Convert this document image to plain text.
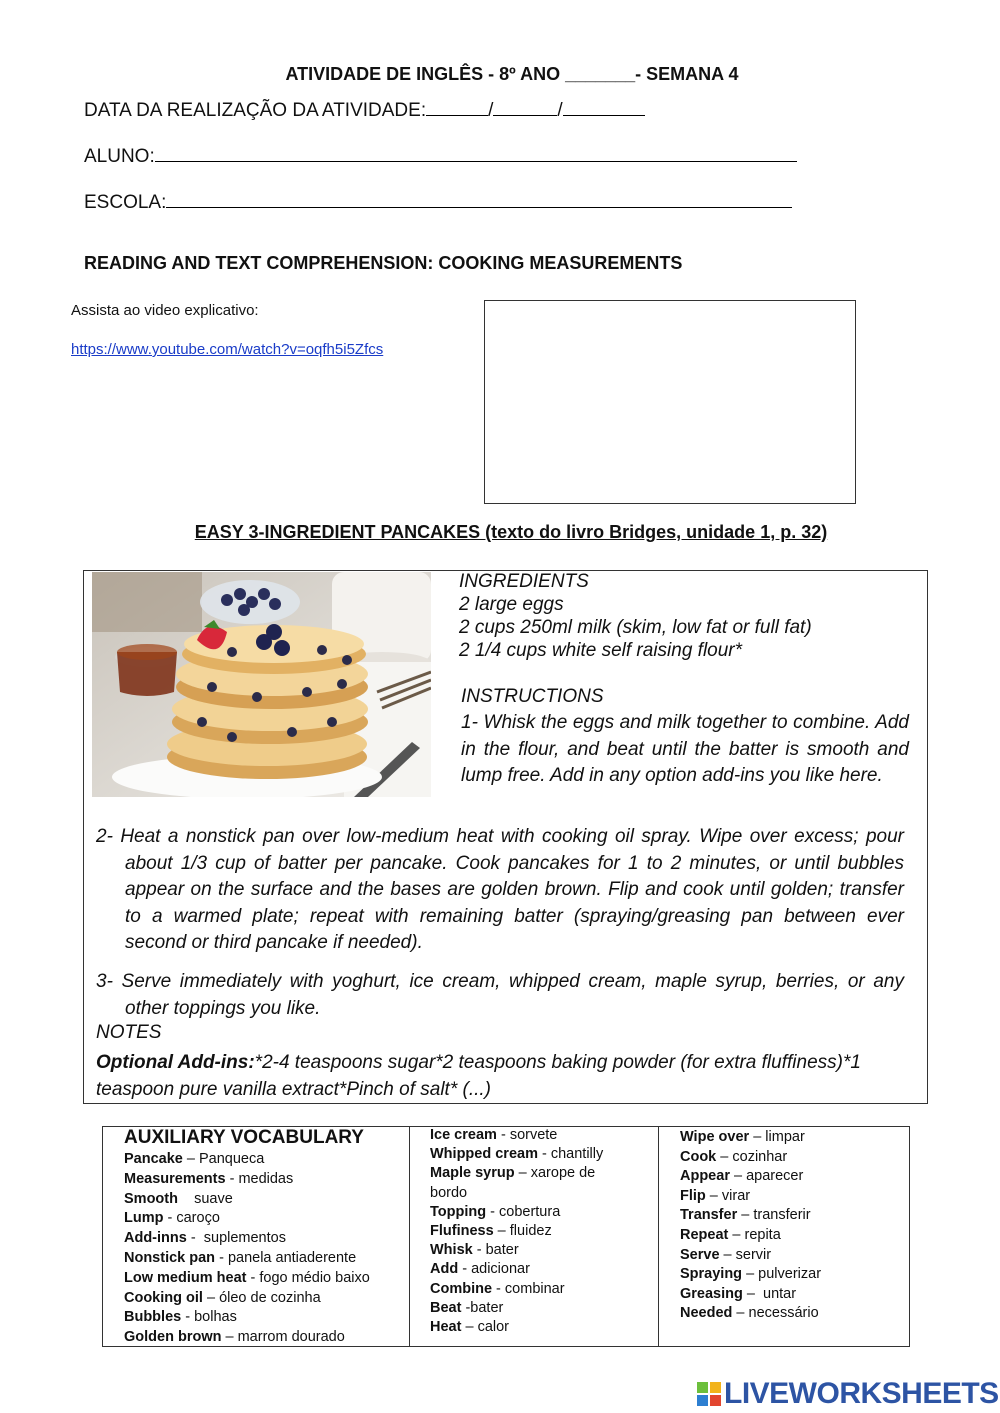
ATIVIDADE DE INGLÊS - 8º ANO _______- SEMANA 4
DATA DA REALIZAÇÃO DA ATIVIDADE:	/	/
ALUNO:
ESCOLA:
READING AND TEXT COMPREHENSION: COOKING MEASUREMENTS
Assista ao video explicativo:
https://www.youtube.com/watch?v=oqfh5i5Zfcs
EASY 3-INGREDIENT PANCAKES (texto do livro Bridges, unidade 1, p. 32)
INGREDIENTS
2 large eggs
2 cups 250ml milk (skim, low fat or full fat)
2 1/4 cups white self raising flour*
INSTRUCTIONS
1- Whisk the eggs and milk together to combine. Add in the flour, and beat until the batter is smooth and lump free. Add in any option add-ins you like here.
2- Heat a nonstick pan over low-medium heat with cooking oil spray. Wipe over excess; pour about 1/3 cup of batter per pancake. Cook pancakes for 1 to 2 minutes, or until bubbles appear on the surface and the bases are golden brown. Flip and cook until golden; transfer to a warmed plate; repeat with remaining batter (spraying/greasing pan between ever second or third pancake if needed).
3- Serve immediately with yoghurt, ice cream, whipped cream, maple syrup, berries, or any other toppings you like.
NOTES
Optional Add-ins:*2-4 teaspoons sugar*2 teaspoons baking powder (for extra fluffiness)*1 teaspoon pure vanilla extract*Pinch of salt* (...)
AUXILIARY VOCABULARY
Pancake – Panqueca
Measurements - medidas
Smooth suave
Lump - caroço
Add-inns -  suplementos
Nonstick pan - panela antiaderente
Low medium heat - fogo médio baixo
Cooking oil – óleo de cozinha
Bubbles - bolhas
Golden brown – marrom dourado
Ice cream - sorvete
Whipped cream - chantilly
Maple syrup – xarope de
bordo
Topping - cobertura
Flufiness – fluidez
Whisk - bater
Add - adicionar
Combine - combinar
Beat -bater
Heat – calor
Wipe over – limpar
Cook – cozinhar
Appear – aparecer
Flip – virar
Transfer – transferir
Repeat – repita
Serve – servir
Spraying – pulverizar
Greasing –  untar
Needed – necessário
LIVEWORKSHEETS
